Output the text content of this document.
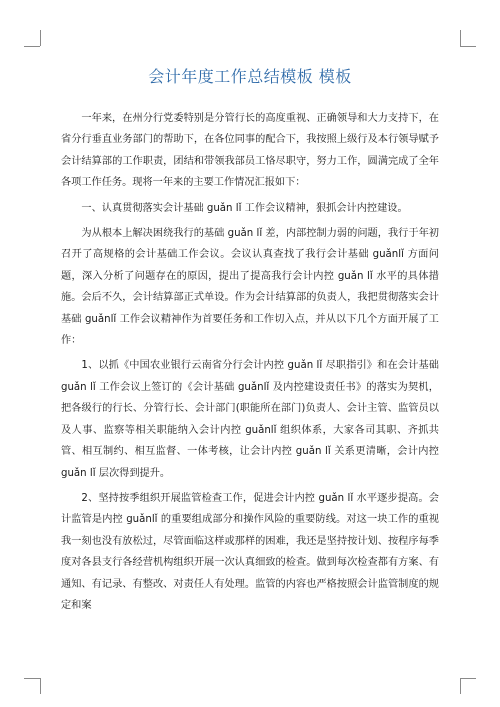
会计年度工作总结模板 模板

一年来，在州分行党委特别是分管行长的高度重视、正确领导和大力支持下，在省分行垂直业务部门的帮助下，在各位同事的配合下，我按照上级行及本行领导赋予会计结算部的工作职责，团结和带领我部员工恪尽职守，努力工作，圆满完成了全年各项工作任务。现将一年来的主要工作情况汇报如下：

一、认真贯彻落实会计基础 guǎn lǐ 工作会议精神，狠抓会计内控建设。

为从根本上解决困绕我行的基础 guǎn lǐ 差，内部控制力弱的问题，我行于年初召开了高规格的会计基础工作会议。会议认真查找了我行会计基础 guǎnlǐ 方面问题，深入分析了问题存在的原因，提出了提高我行会计内控 guǎn lǐ 水平的具体措施。会后不久，会计结算部正式单设。作为会计结算部的负责人，我把贯彻落实会计基础 guǎnlǐ 工作会议精神作为首要任务和工作切入点，并从以下几个方面开展了工作：

1、以抓《中国农业银行云南省分行会计内控 guǎn lǐ 尽职指引》和在会计基础 guǎn lǐ 工作会议上签订的《会计基础 guǎnlǐ 及内控建设责任书》的落实为契机，把各级行的行长、分管行长、会计部门(职能所在部门)负责人、会计主管、监管员以及人事、监察等相关职能纳入会计内控 guǎnlǐ 组织体系，大家各司其职、齐抓共管、相互制约、相互监督、一体考核，让会计内控 guǎn lǐ 关系更清晰，会计内控 guǎn lǐ 层次得到提升。

2、坚持按季组织开展监管检查工作，促进会计内控 guǎn lǐ 水平逐步提高。会计监管是内控 guǎnlǐ 的重要组成部分和操作风险的重要防线。对这一块工作的重视我一刻也没有放松过，尽管面临这样或那样的困难，我还是坚持按计划、按程序每季度对各县支行各经营机构组织开展一次认真细致的检查。做到每次检查都有方案、有通知、有记录、有整改、对责任人有处理。监管的内容也严格按照会计监管制度的规定和案
